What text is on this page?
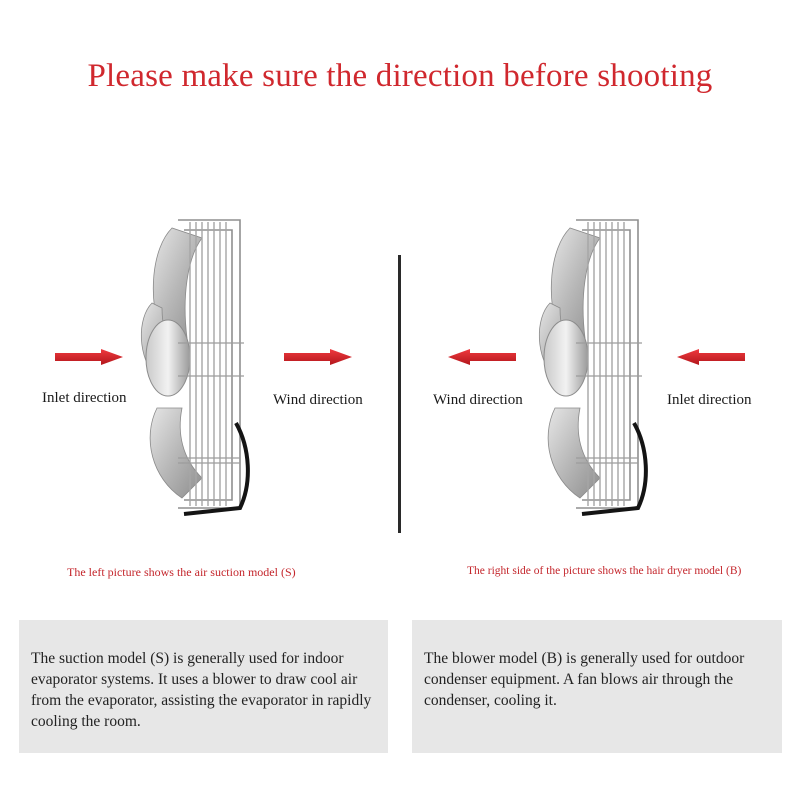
Please make sure the direction before shooting
Inlet direction	Wind direction	Wind direction	Inlet direction
The left picture shows the air suction model (S)	The right side of the picture shows the hair dryer model (B)
The suction model (S) is generally used for indoor evaporator systems. It uses a blower to draw cool air from the evaporator, assisting the evaporator in rapidly cooling the room.
The blower model (B) is generally used for outdoor condenser equipment. A fan blows air through the condenser, cooling it.
